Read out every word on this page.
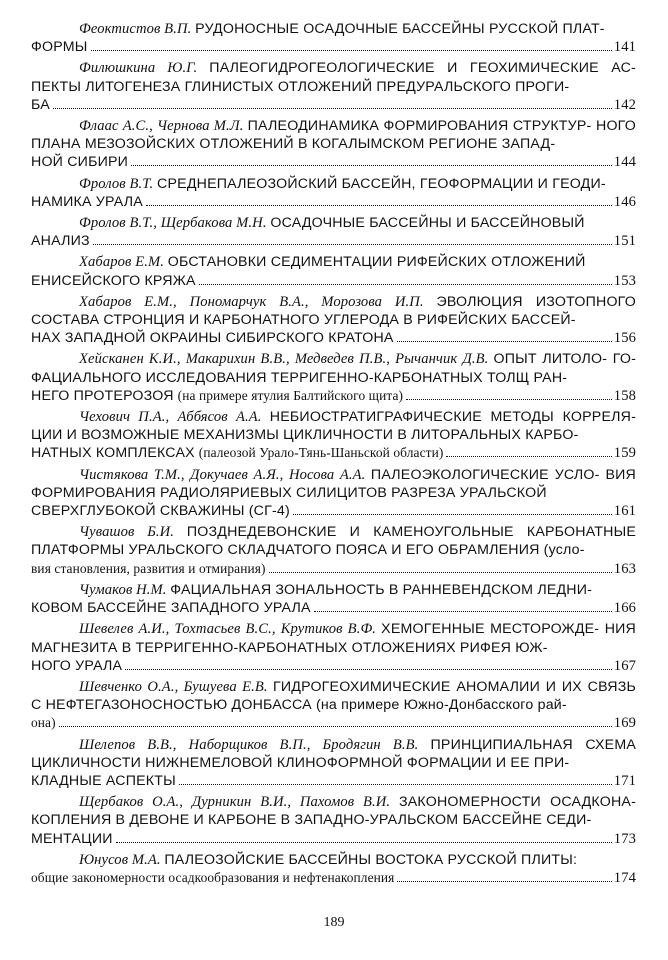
Феоктистов В.П. РУДОНОСНЫЕ ОСАДОЧНЫЕ БАССЕЙНЫ РУССКОЙ ПЛАТ-
ФОРМЫ	141
Филюшкина Ю.Г. ПАЛЕОГИДРОГЕОЛОГИЧЕСКИЕ И ГЕОХИМИЧЕСКИЕ АС- ПЕКТЫ ЛИТОГЕНЕЗА ГЛИНИСТЫХ ОТЛОЖЕНИЙ ПРЕДУРАЛЬСКОГО ПРОГИ-
БА	142
Флаас А.С., Чернова М.Л. ПАЛЕОДИНАМИКА ФОРМИРОВАНИЯ СТРУКТУР- НОГО ПЛАНА МЕЗОЗОЙСКИХ ОТЛОЖЕНИЙ В КОГАЛЫМСКОМ РЕГИОНЕ ЗАПАД-
НОЙ СИБИРИ	144
Фролов В.Т. СРЕДНЕПАЛЕОЗОЙСКИЙ БАССЕЙН, ГЕОФОРМАЦИИ И ГЕОДИ-
НАМИКА УРАЛА	146
Фролов В.Т., Щербакова М.Н. ОСАДОЧНЫЕ БАССЕЙНЫ И БАССЕЙНОВЫЙ
АНАЛИЗ	151
Хабаров Е.М. ОБСТАНОВКИ СЕДИМЕНТАЦИИ РИФЕЙСКИХ ОТЛОЖЕНИЙ
ЕНИСЕЙСКОГО КРЯЖА	153
Хабаров Е.М., Пономарчук В.А., Морозова И.П. ЭВОЛЮЦИЯ ИЗОТОПНОГО СОСТАВА СТРОНЦИЯ И КАРБОНАТНОГО УГЛЕРОДА В РИФЕЙСКИХ БАССЕЙ-
НАХ ЗАПАДНОЙ ОКРАИНЫ СИБИРСКОГО КРАТОНА	156
Хейсканен К.И., Макарихин В.В., Медведев П.В., Рычанчик Д.В. ОПЫТ ЛИТОЛО- ГО-ФАЦИАЛЬНОГО ИССЛЕДОВАНИЯ ТЕРРИГЕННО-КАРБОНАТНЫХ ТОЛЩ РАН-
НЕГО ПРОТЕРОЗОЯ (на примере ятулия Балтийского щита)	158
Чехович П.А., Аббясов А.А. НЕБИОСТРАТИГРАФИЧЕСКИЕ МЕТОДЫ КОРРЕЛЯ- ЦИИ И ВОЗМОЖНЫЕ МЕХАНИЗМЫ ЦИКЛИЧНОСТИ В ЛИТОРАЛЬНЫХ КАРБО-
НАТНЫХ КОМПЛЕКСАХ (палеозой Урало-Тянь-Шаньской области)	159
Чистякова Т.М., Докучаев А.Я., Носова А.А. ПАЛЕОЭКОЛОГИЧЕСКИЕ УСЛО- ВИЯ ФОРМИРОВАНИЯ РАДИОЛЯРИЕВЫХ СИЛИЦИТОВ РАЗРЕЗА УРАЛЬСКОЙ
СВЕРХГЛУБОКОЙ СКВАЖИНЫ (СГ-4)	161
Чувашов Б.И. ПОЗДНЕДЕВОНСКИЕ И КАМЕНОУГОЛЬНЫЕ КАРБОНАТНЫЕ ПЛАТФОРМЫ УРАЛЬСКОГО СКЛАДЧАТОГО ПОЯСА И ЕГО ОБРАМЛЕНИЯ (усло-
вия становления, развития и отмирания)	163
Чумаков Н.М. ФАЦИАЛЬНАЯ ЗОНАЛЬНОСТЬ В РАННЕВЕНДСКОМ ЛЕДНИ-
КОВОМ БАССЕЙНЕ ЗАПАДНОГО УРАЛА	166
Шевелев А.И., Тохтасьев В.С., Крутиков В.Ф. ХЕМОГЕННЫЕ МЕСТОРОЖДЕ- НИЯ МАГНЕЗИТА В ТЕРРИГЕННО-КАРБОНАТНЫХ ОТЛОЖЕНИЯХ РИФЕЯ ЮЖ-
НОГО УРАЛА	167
Шевченко О.А., Бушуева Е.В. ГИДРОГЕОХИМИЧЕСКИЕ АНОМАЛИИ И ИХ СВЯЗЬ С НЕФТЕГАЗОНОСНОСТЬЮ ДОНБАССА (на примере Южно-Донбасского рай-
она)	169
Шелепов В.В., Наборщиков В.П., Бродягин В.В. ПРИНЦИПИАЛЬНАЯ СХЕМА ЦИКЛИЧНОСТИ НИЖНЕМЕЛОВОЙ КЛИНОФОРМНОЙ ФОРМАЦИИ И ЕЕ ПРИ-
КЛАДНЫЕ АСПЕКТЫ	171
Щербаков О.А., Дурникин В.И., Пахомов В.И. ЗАКОНОМЕРНОСТИ ОСАДКОНА- КОПЛЕНИЯ В ДЕВОНЕ И КАРБОНЕ В ЗАПАДНО-УРАЛЬСКОМ БАССЕЙНЕ СЕДИ-
МЕНТАЦИИ	173
Юнусов М.А. ПАЛЕОЗОЙСКИЕ БАССЕЙНЫ ВОСТОКА РУССКОЙ ПЛИТЫ:
общие закономерности осадкообразования и нефтенакопления	174
189
